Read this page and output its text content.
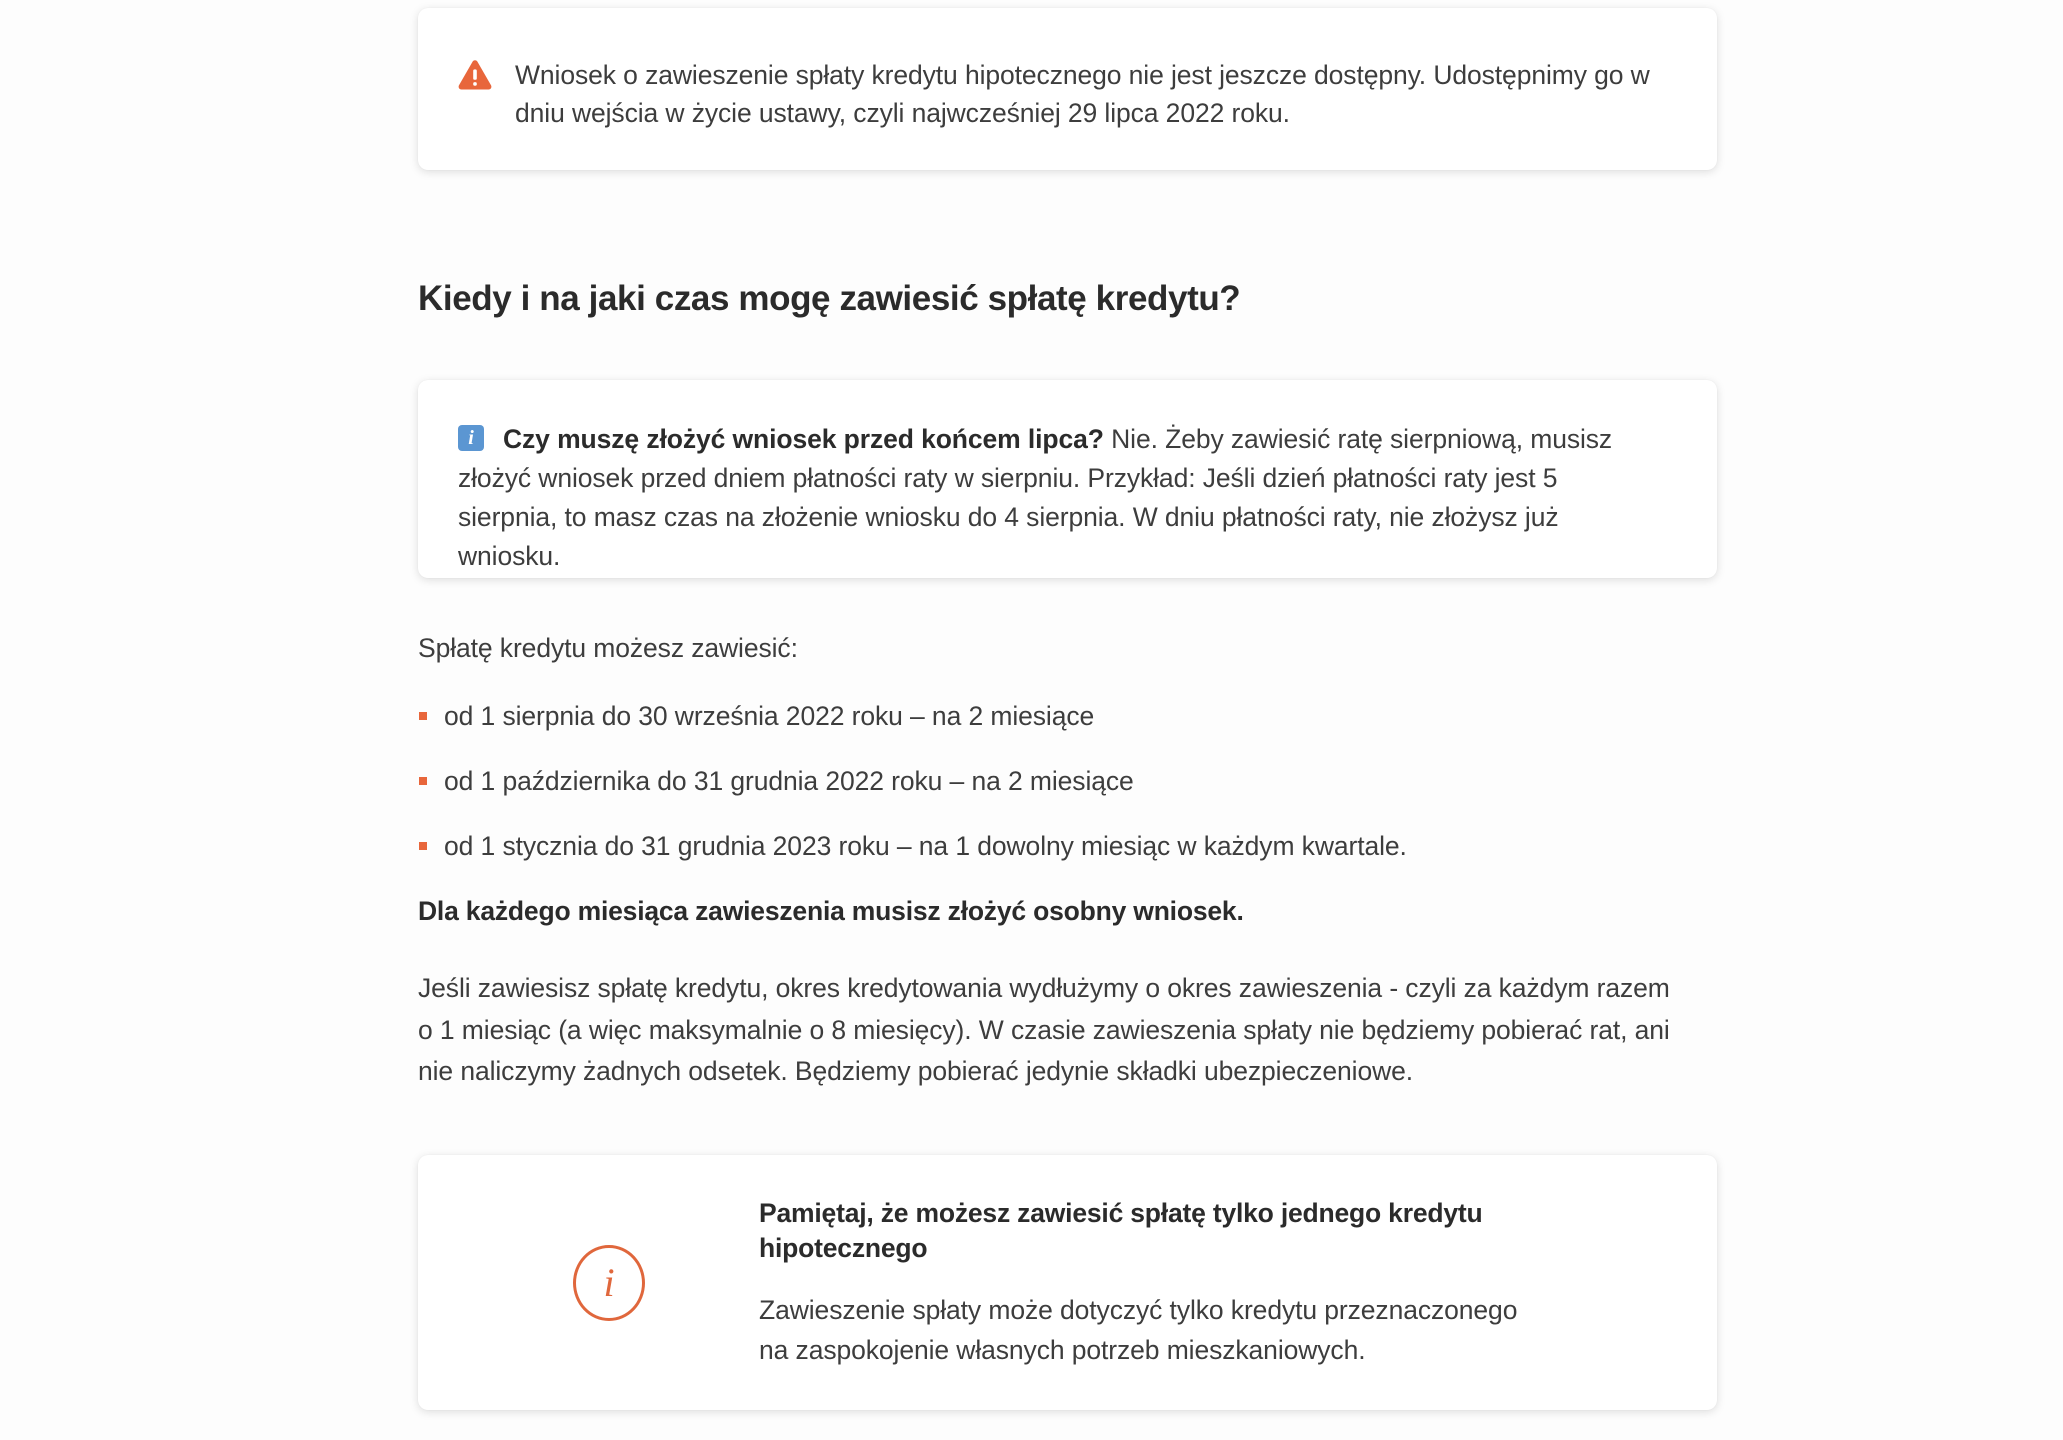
Wniosek o zawieszenie spłaty kredytu hipotecznego nie jest jeszcze dostępny. Udostępnimy go w dniu wejścia w życie ustawy, czyli najwcześniej 29 lipca 2022 roku.
Kiedy i na jaki czas mogę zawiesić spłatę kredytu?
iCzy muszę złożyć wniosek przed końcem lipca? Nie. Żeby zawiesić ratę sierpniową, musisz złożyć wniosek przed dniem płatności raty w sierpniu. Przykład: Jeśli dzień płatności raty jest 5 sierpnia, to masz czas na złożenie wniosku do 4 sierpnia. W dniu płatności raty, nie złożysz już wniosku.

Spłatę kredytu możesz zawiesić:

od 1 sierpnia do 30 września 2022 roku – na 2 miesiące
od 1 października do 31 grudnia 2022 roku – na 2 miesiące
od 1 stycznia do 31 grudnia 2023 roku – na 1 dowolny miesiąc w każdym kwartale.

Dla każdego miesiąca zawieszenia musisz złożyć osobny wniosek.

Jeśli zawiesisz spłatę kredytu, okres kredytowania wydłużymy o okres zawieszenia - czyli za każdym razem o 1 miesiąc (a więc maksymalnie o 8 miesięcy). W czasie zawieszenia spłaty nie będziemy pobierać rat, ani nie naliczymy żadnych odsetek. Będziemy pobierać jedynie składki ubezpieczeniowe.

i

Pamiętaj, że możesz zawiesić spłatę tylko jednego kredytu hipotecznego

Zawieszenie spłaty może dotyczyć tylko kredytu przeznaczonego

na zaspokojenie własnych potrzeb mieszkaniowych.
